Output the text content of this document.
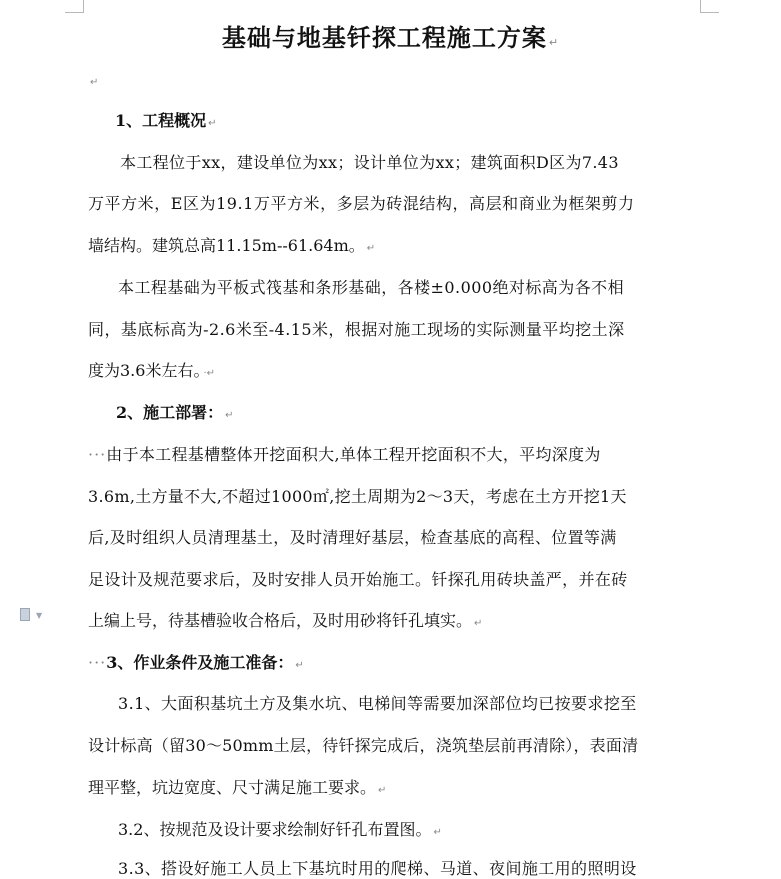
▼
基础与地基钎探工程施工方案 ↵
↵
1、工程概况 ↵
本工程位于xx，建设单位为xx；设计单位为xx；建筑面积D区为7.43
万平方米，E区为19.1万平方米，多层为砖混结构，高层和商业为框架剪力
墙结构。建筑总高11.15m--61.64m。 ↵
本工程基础为平板式筏基和条形基础，各楼±0.000绝对标高为各不相
同，基底标高为-2.6米至-4.15米，根据对施工现场的实际测量平均挖土深
度为3.6米左右。 ·↵
2、施工部署： ↵
···由于本工程基槽整体开挖面积大,单体工程开挖面积不大，平均深度为
3.6m,土方量不大,不超过1000㎡,挖土周期为2～3天，考虑在土方开挖1天
后,及时组织人员清理基土，及时清理好基层，检查基底的高程、位置等满
足设计及规范要求后，及时安排人员开始施工。钎探孔用砖块盖严，并在砖
上编上号，待基槽验收合格后，及时用砂将钎孔填实。 ↵
···3、作业条件及施工准备： ↵
3.1、大面积基坑土方及集水坑、电梯间等需要加深部位均已按要求挖至
设计标高（留30～50mm土层，待钎探完成后，浇筑垫层前再清除），表面清
理平整，坑边宽度、尺寸满足施工要求。 ↵
3.2、按规范及设计要求绘制好钎孔布置图。 ↵
3.3、搭设好施工人员上下基坑时用的爬梯、马道、夜间施工用的照明设
